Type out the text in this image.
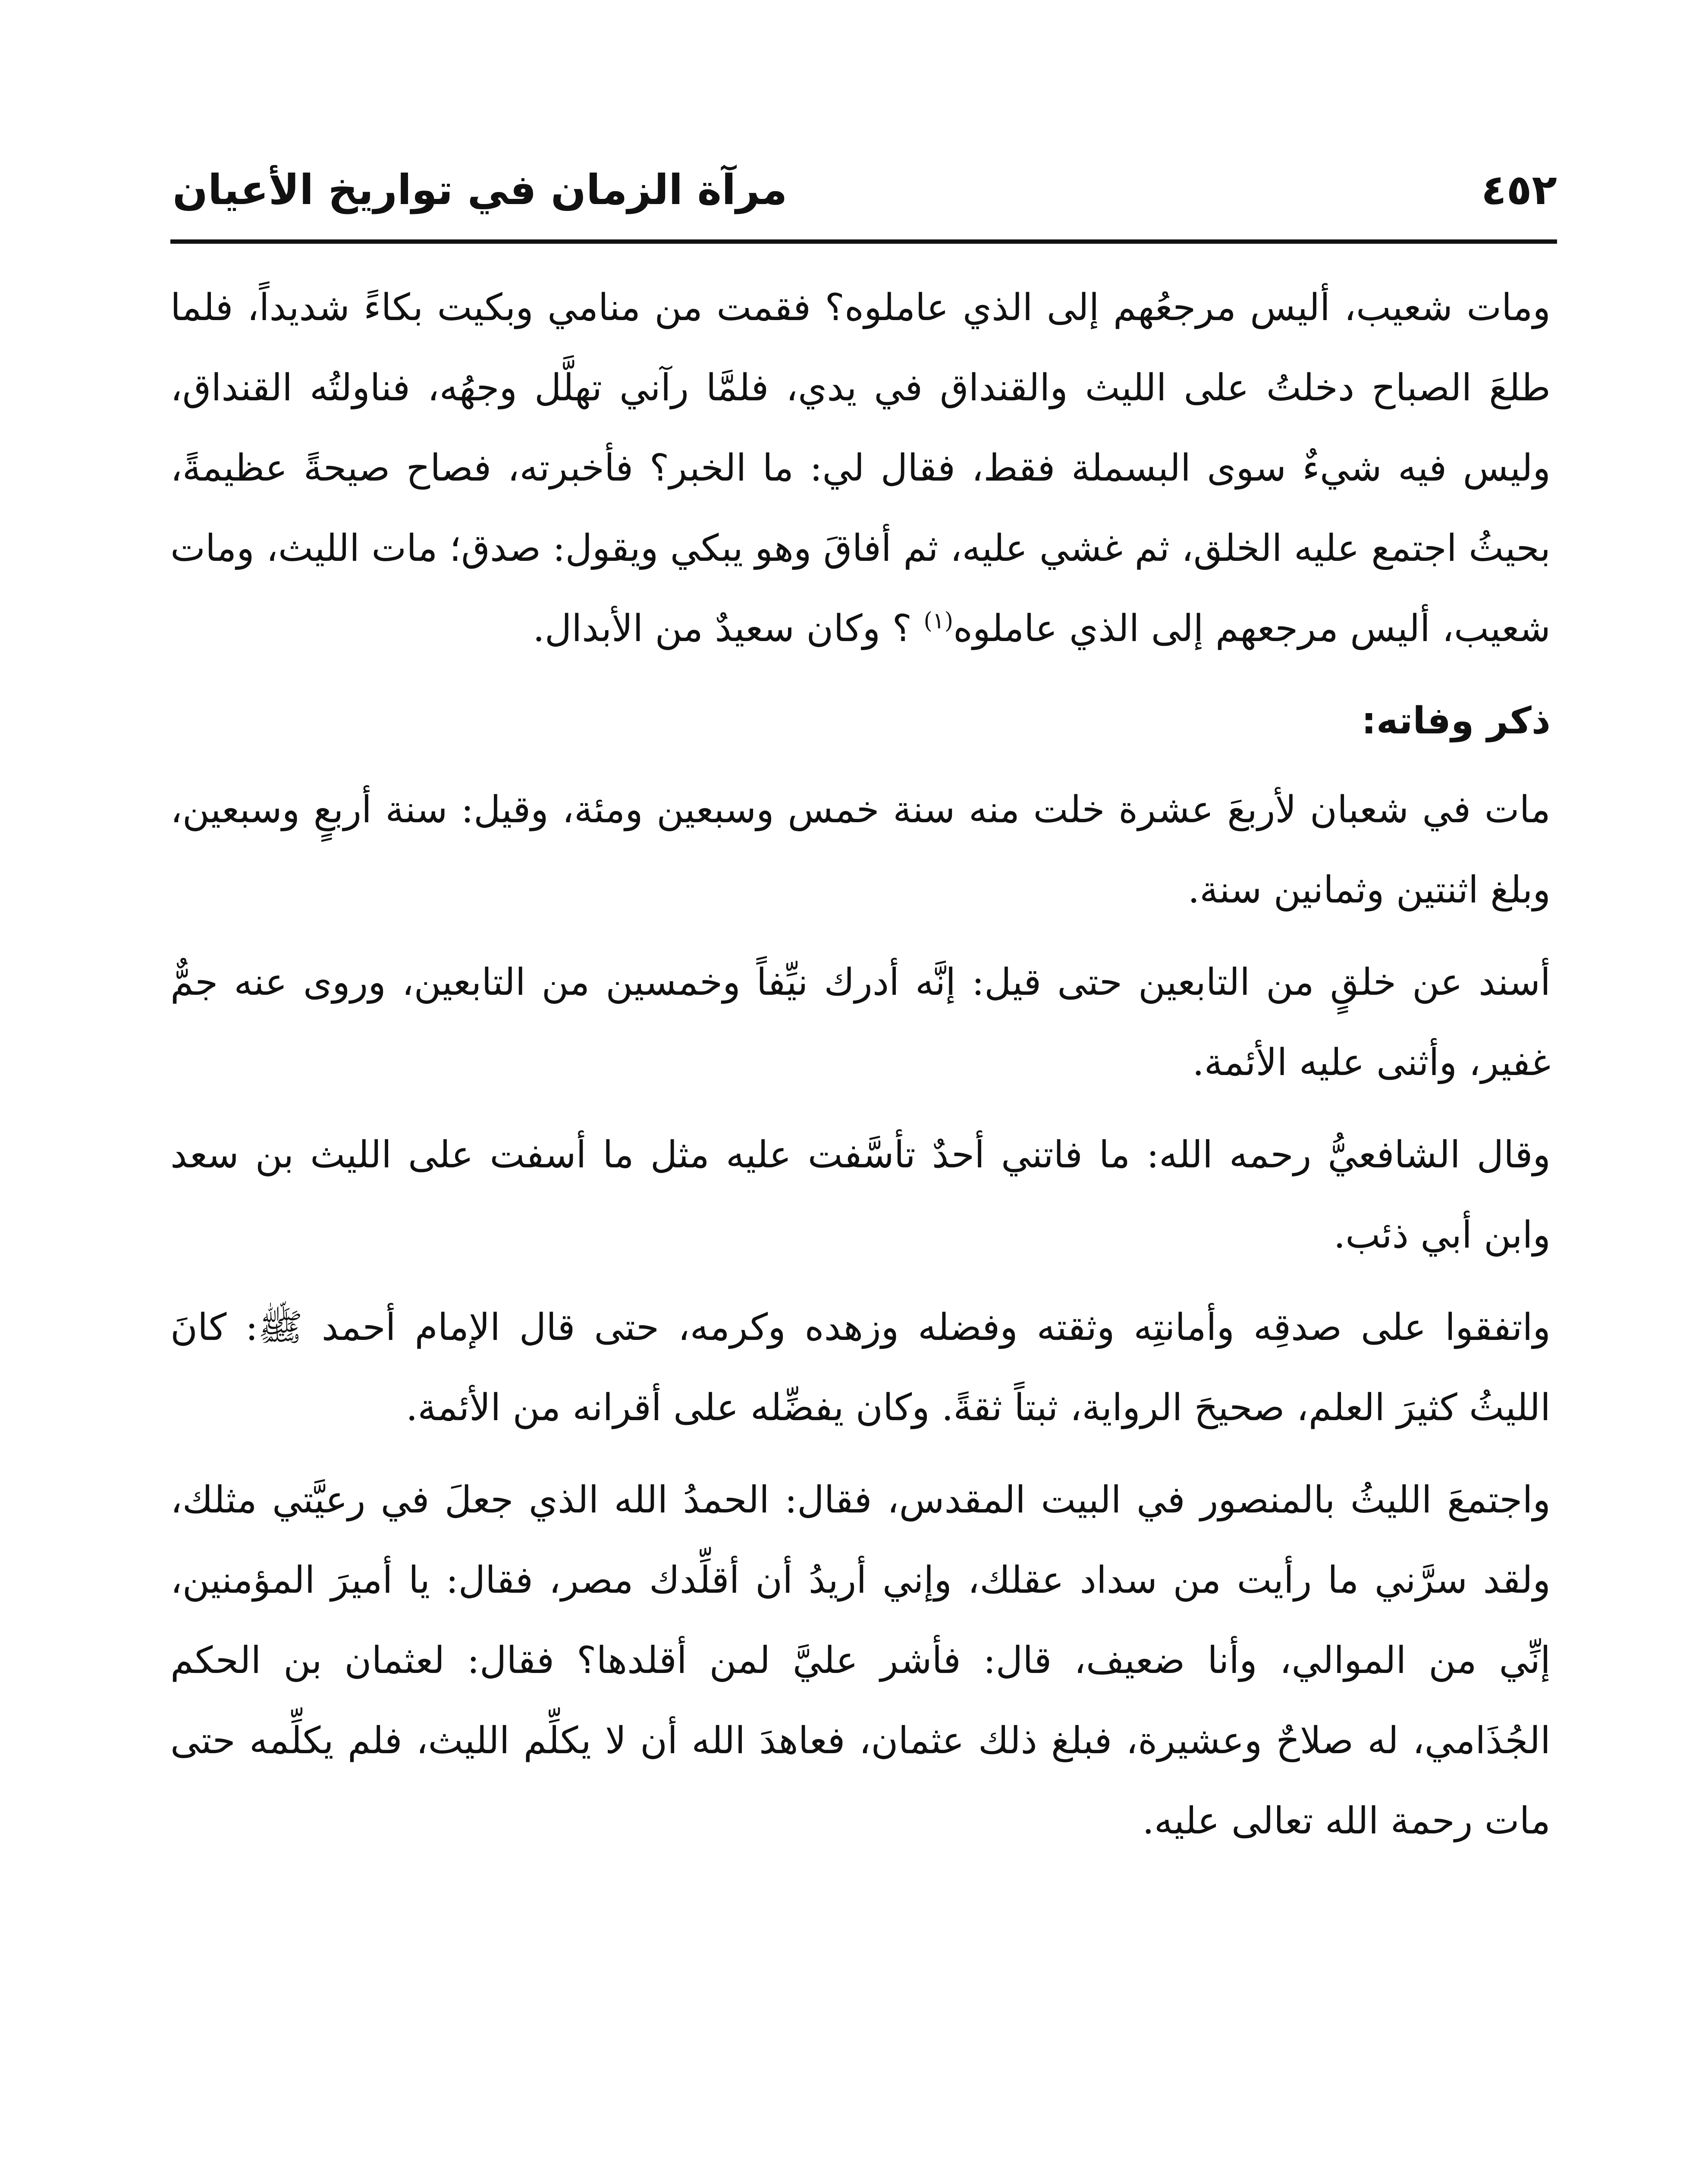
٤٥٢
مرآة الزمان في تواريخ الأعيان

ومات شعيب، أليس مرجعُهم إلى الذي عاملوه؟ فقمت من منامي وبكيت بكاءً شديداً، فلما طلعَ الصباح دخلتُ على الليث والقنداق في يدي، فلمَّا رآني تهلَّل وجهُه، فناولتُه القنداق، وليس فيه شيءٌ سوى البسملة فقط، فقال لي: ما الخبر؟ فأخبرته، فصاح صيحةً عظيمةً، بحيثُ اجتمع عليه الخلق، ثم غشي عليه، ثم أفاقَ وهو يبكي ويقول: صدق؛ مات الليث، ومات شعيب، أليس مرجعهم إلى الذي عاملوه$^{(١)}$ ؟ وكان سعيدٌ من الأبدال.

ذكر وفاته:

مات في شعبان لأربعَ عشرة خلت منه سنة خمس وسبعين ومئة، وقيل: سنة أربعٍ وسبعين، وبلغ اثنتين وثمانين سنة.

أسند عن خلقٍ من التابعين حتى قيل: إنَّه أدرك نيِّفاً وخمسين من التابعين، وروى عنه جمٌّ غفير، وأثنى عليه الأئمة.

وقال الشافعيُّ رحمه الله: ما فاتني أحدٌ تأسَّفت عليه مثل ما أسفت على الليث بن سعد وابن أبي ذئب.

واتفقوا على صدقِه وأمانتِه وثقته وفضله وزهده وكرمه، حتى قال الإمام أحمد ﷺ: كانَ الليثُ كثيرَ العلم، صحيحَ الرواية، ثبتاً ثقةً. وكان يفضِّله على أقرانه من الأئمة.

واجتمعَ الليثُ بالمنصور في البيت المقدس، فقال: الحمدُ الله الذي جعلَ في رعيَّتي مثلك، ولقد سرَّني ما رأيت من سداد عقلك، وإني أريدُ أن أقلِّدك مصر، فقال: يا أميرَ المؤمنين، إنِّي من الموالي، وأنا ضعيف، قال: فأشر عليَّ لمن أقلدها؟ فقال: لعثمان بن الحكم الجُذَامي، له صلاحٌ وعشيرة، فبلغ ذلك عثمان، فعاهدَ الله أن لا يكلِّم الليث، فلم يكلِّمه حتى مات رحمة الله تعالى عليه.
